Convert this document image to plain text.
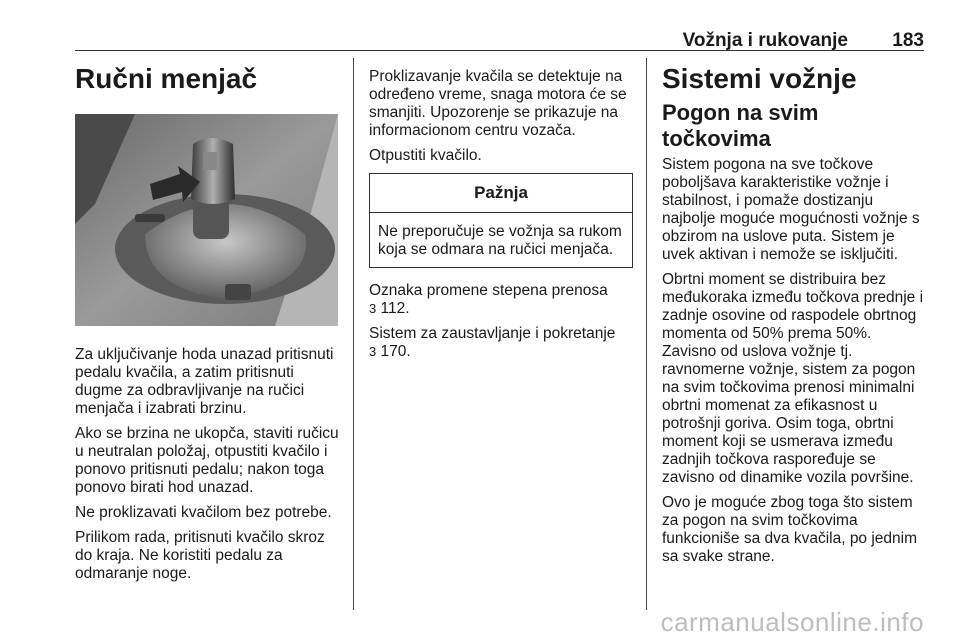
Vožnja i rukovanje 183
Ručni menjač

Za uključivanje hoda unazad pritisnuti pedalu kvačila, a zatim pritisnuti dugme za odbravljivanje na ručici menjača i izabrati brzinu.

Ako se brzina ne ukopča, staviti ručicu u neutralan položaj, otpustiti kvačilo i ponovo pritisnuti pedalu; nakon toga ponovo birati hod unazad.

Ne proklizavati kvačilom bez potrebe.

Prilikom rada, pritisnuti kvačilo skroz do kraja. Ne koristiti pedalu za odmaranje noge.

Proklizavanje kvačila se detektuje na određeno vreme, snaga motora će se smanjiti. Upozorenje se prikazuje na informacionom centru vozača.

Otpustiti kvačilo.

Pažnja
Ne preporučuje se vožnja sa rukom koja se odmara na ručici menjača.

Oznaka promene stepena prenosa
3 112.

Sistem za zaustavljanje i pokretanje
3 170.

Sistemi vožnje
Pogon na svim točkovima

Sistem pogona na sve točkove poboljšava karakteristike vožnje i stabilnost, i pomaže dostizanju najbolje moguće mogućnosti vožnje s obzirom na uslove puta. Sistem je uvek aktivan i nemože se isključiti.

Obrtni moment se distribuira bez međukoraka između točkova prednje i zadnje osovine od raspodele obrtnog momenta od 50% prema 50%. Zavisno od uslova vožnje tj. ravnomerne vožnje, sistem za pogon na svim točkovima prenosi minimalni obrtni momenat za efikasnost u potrošnji goriva. Osim toga, obrtni moment koji se usmerava između zadnjih točkova raspoređuje se zavisno od dinamike vozila površine.

Ovo je moguće zbog toga što sistem za pogon na svim točkovima funkcioniše sa dva kvačila, po jednim sa svake strane.

carmanualsonline.info
